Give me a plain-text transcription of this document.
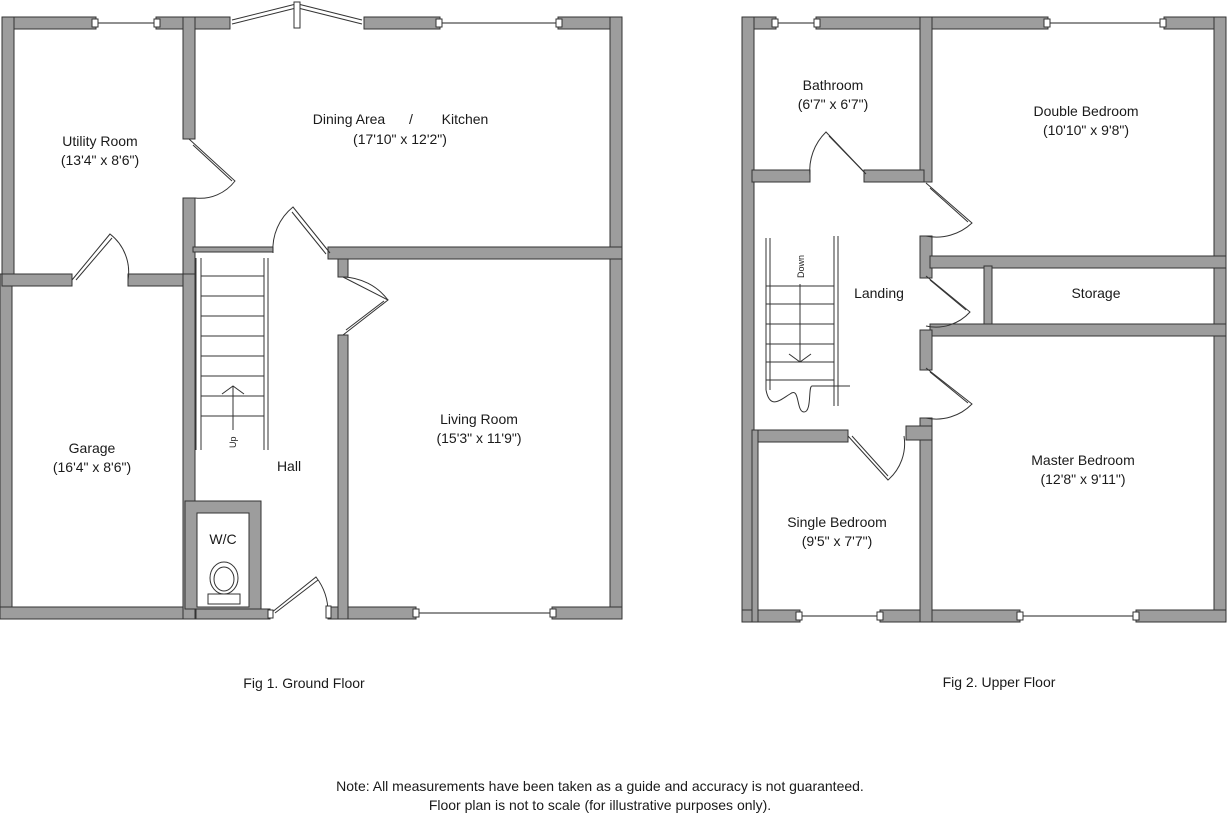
Up
Utility Room
(13'4" x 8'6")
Dining Area / Kitchen
(17'10" x 12'2")
Garage
(16'4" x 8'6")
Living Room
(15'3" x 11'9")
Hall
W/C
Fig 1. Ground Floor
Down
Bathroom
(6'7" x 6'7")	Double Bedroom
(10'10" x 9'8")
Landing	Storage
Master Bedroom
(12'8" x 9'11")
Single Bedroom
(9'5" x 7'7")
Fig 2. Upper Floor
Note: All measurements have been taken as a guide and accuracy is not guaranteed.
Floor plan is not to scale (for illustrative purposes only).
